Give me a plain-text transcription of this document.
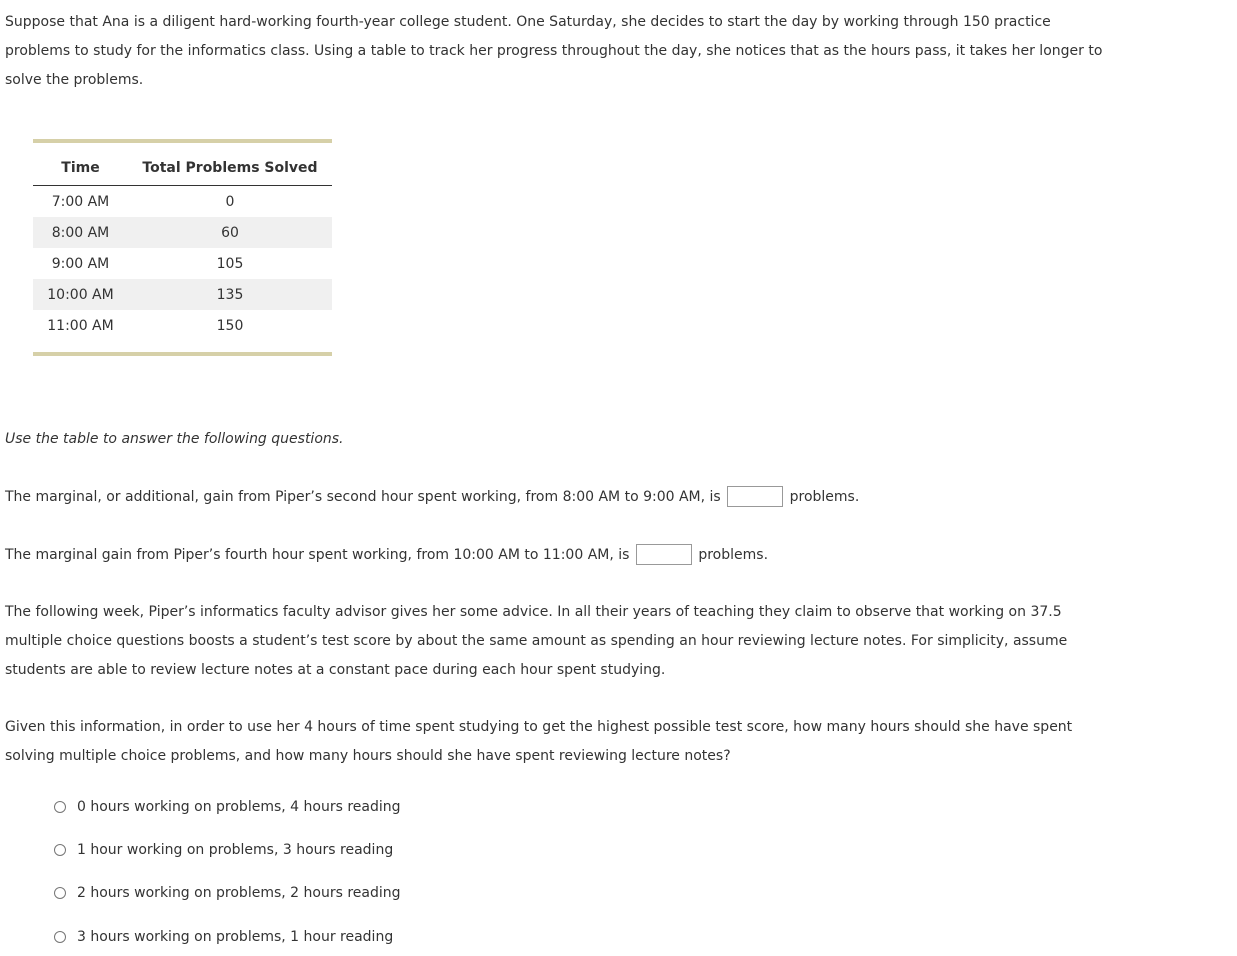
Suppose that Ana is a diligent hard-working fourth-year college student. One Saturday, she decides to start the day by working through 150 practice problems to study for the informatics class. Using a table to track her progress throughout the day, she notices that as the hours pass, it takes her longer to solve the problems.

Time	Total Problems Solved
7:00 AM	0
8:00 AM	60
9:00 AM	105
10:00 AM	135
11:00 AM	150

Use the table to answer the following questions.

The marginal, or additional, gain from Piper’s second hour spent working, from 8:00 AM to 9:00 AM, is	problems.

The marginal gain from Piper’s fourth hour spent working, from 10:00 AM to 11:00 AM, is	problems.

The following week, Piper’s informatics faculty advisor gives her some advice. In all their years of teaching they claim to observe that working on 37.5 multiple choice questions boosts a student’s test score by about the same amount as spending an hour reviewing lecture notes. For simplicity, assume students are able to review lecture notes at a constant pace during each hour spent studying.

Given this information, in order to use her 4 hours of time spent studying to get the highest possible test score, how many hours should she have spent solving multiple choice problems, and how many hours should she have spent reviewing lecture notes?

0 hours working on problems, 4 hours reading
1 hour working on problems, 3 hours reading
2 hours working on problems, 2 hours reading
3 hours working on problems, 1 hour reading
